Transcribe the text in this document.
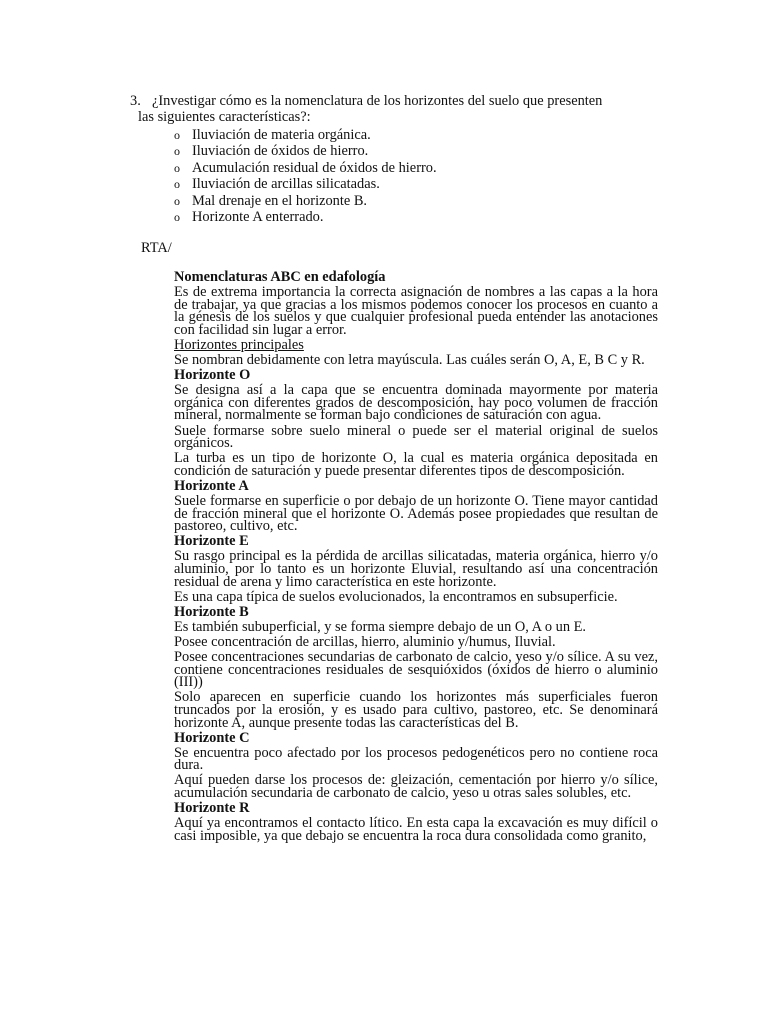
3. ¿Investigar cómo es la nomenclatura de los horizontes del suelo que presenten
las siguientes características?:
o Iluviación de materia orgánica.
o Iluviación de óxidos de hierro.
o Acumulación residual de óxidos de hierro.
o Iluviación de arcillas silicatadas.
o Mal drenaje en el horizonte B.
o Horizonte A enterrado.
RTA/
Nomenclaturas ABC en edafología
Es de extrema importancia la correcta asignación de nombres a las capas a la hora de trabajar, ya que gracias a los mismos podemos conocer los procesos en cuanto a la génesis de los suelos y que cualquier profesional pueda entender las anotaciones con facilidad sin lugar a error.
Horizontes principales
Se nombran debidamente con letra mayúscula. Las cuáles serán O, A, E, B C y R.
Horizonte O
Se designa así a la capa que se encuentra dominada mayormente por materia orgánica con diferentes grados de descomposición, hay poco volumen de fracción mineral, normalmente se forman bajo condiciones de saturación con agua.
Suele formarse sobre suelo mineral o puede ser el material original de suelos orgánicos.
La turba es un tipo de horizonte O, la cual es materia orgánica depositada en condición de saturación y puede presentar diferentes tipos de descomposición.
Horizonte A
Suele formarse en superficie o por debajo de un horizonte O. Tiene mayor cantidad de fracción mineral que el horizonte O. Además posee propiedades que resultan de pastoreo, cultivo, etc.
Horizonte E
Su rasgo principal es la pérdida de arcillas silicatadas, materia orgánica, hierro y/o aluminio, por lo tanto es un horizonte Eluvial, resultando así una concentración residual de arena y limo característica en este horizonte.
Es una capa típica de suelos evolucionados, la encontramos en subsuperficie.
Horizonte B
Es también subuperficial, y se forma siempre debajo de un O, A o un E.
Posee concentración de arcillas, hierro, aluminio y/humus, Iluvial.
Posee concentraciones secundarias de carbonato de calcio, yeso y/o sílice. A su vez, contiene concentraciones residuales de sesquióxidos (óxidos de hierro o aluminio (III))
Solo aparecen en superficie cuando los horizontes más superficiales fueron truncados por la erosión, y es usado para cultivo, pastoreo, etc. Se denominará horizonte A, aunque presente todas las características del B.
Horizonte C
Se encuentra poco afectado por los procesos pedogenéticos pero no contiene roca dura.
Aquí pueden darse los procesos de: gleización, cementación por hierro y/o sílice, acumulación secundaria de carbonato de calcio, yeso u otras sales solubles, etc.
Horizonte R
Aquí ya encontramos el contacto lítico. En esta capa la excavación es muy difícil o casi imposible, ya que debajo se encuentra la roca dura consolidada como granito,
